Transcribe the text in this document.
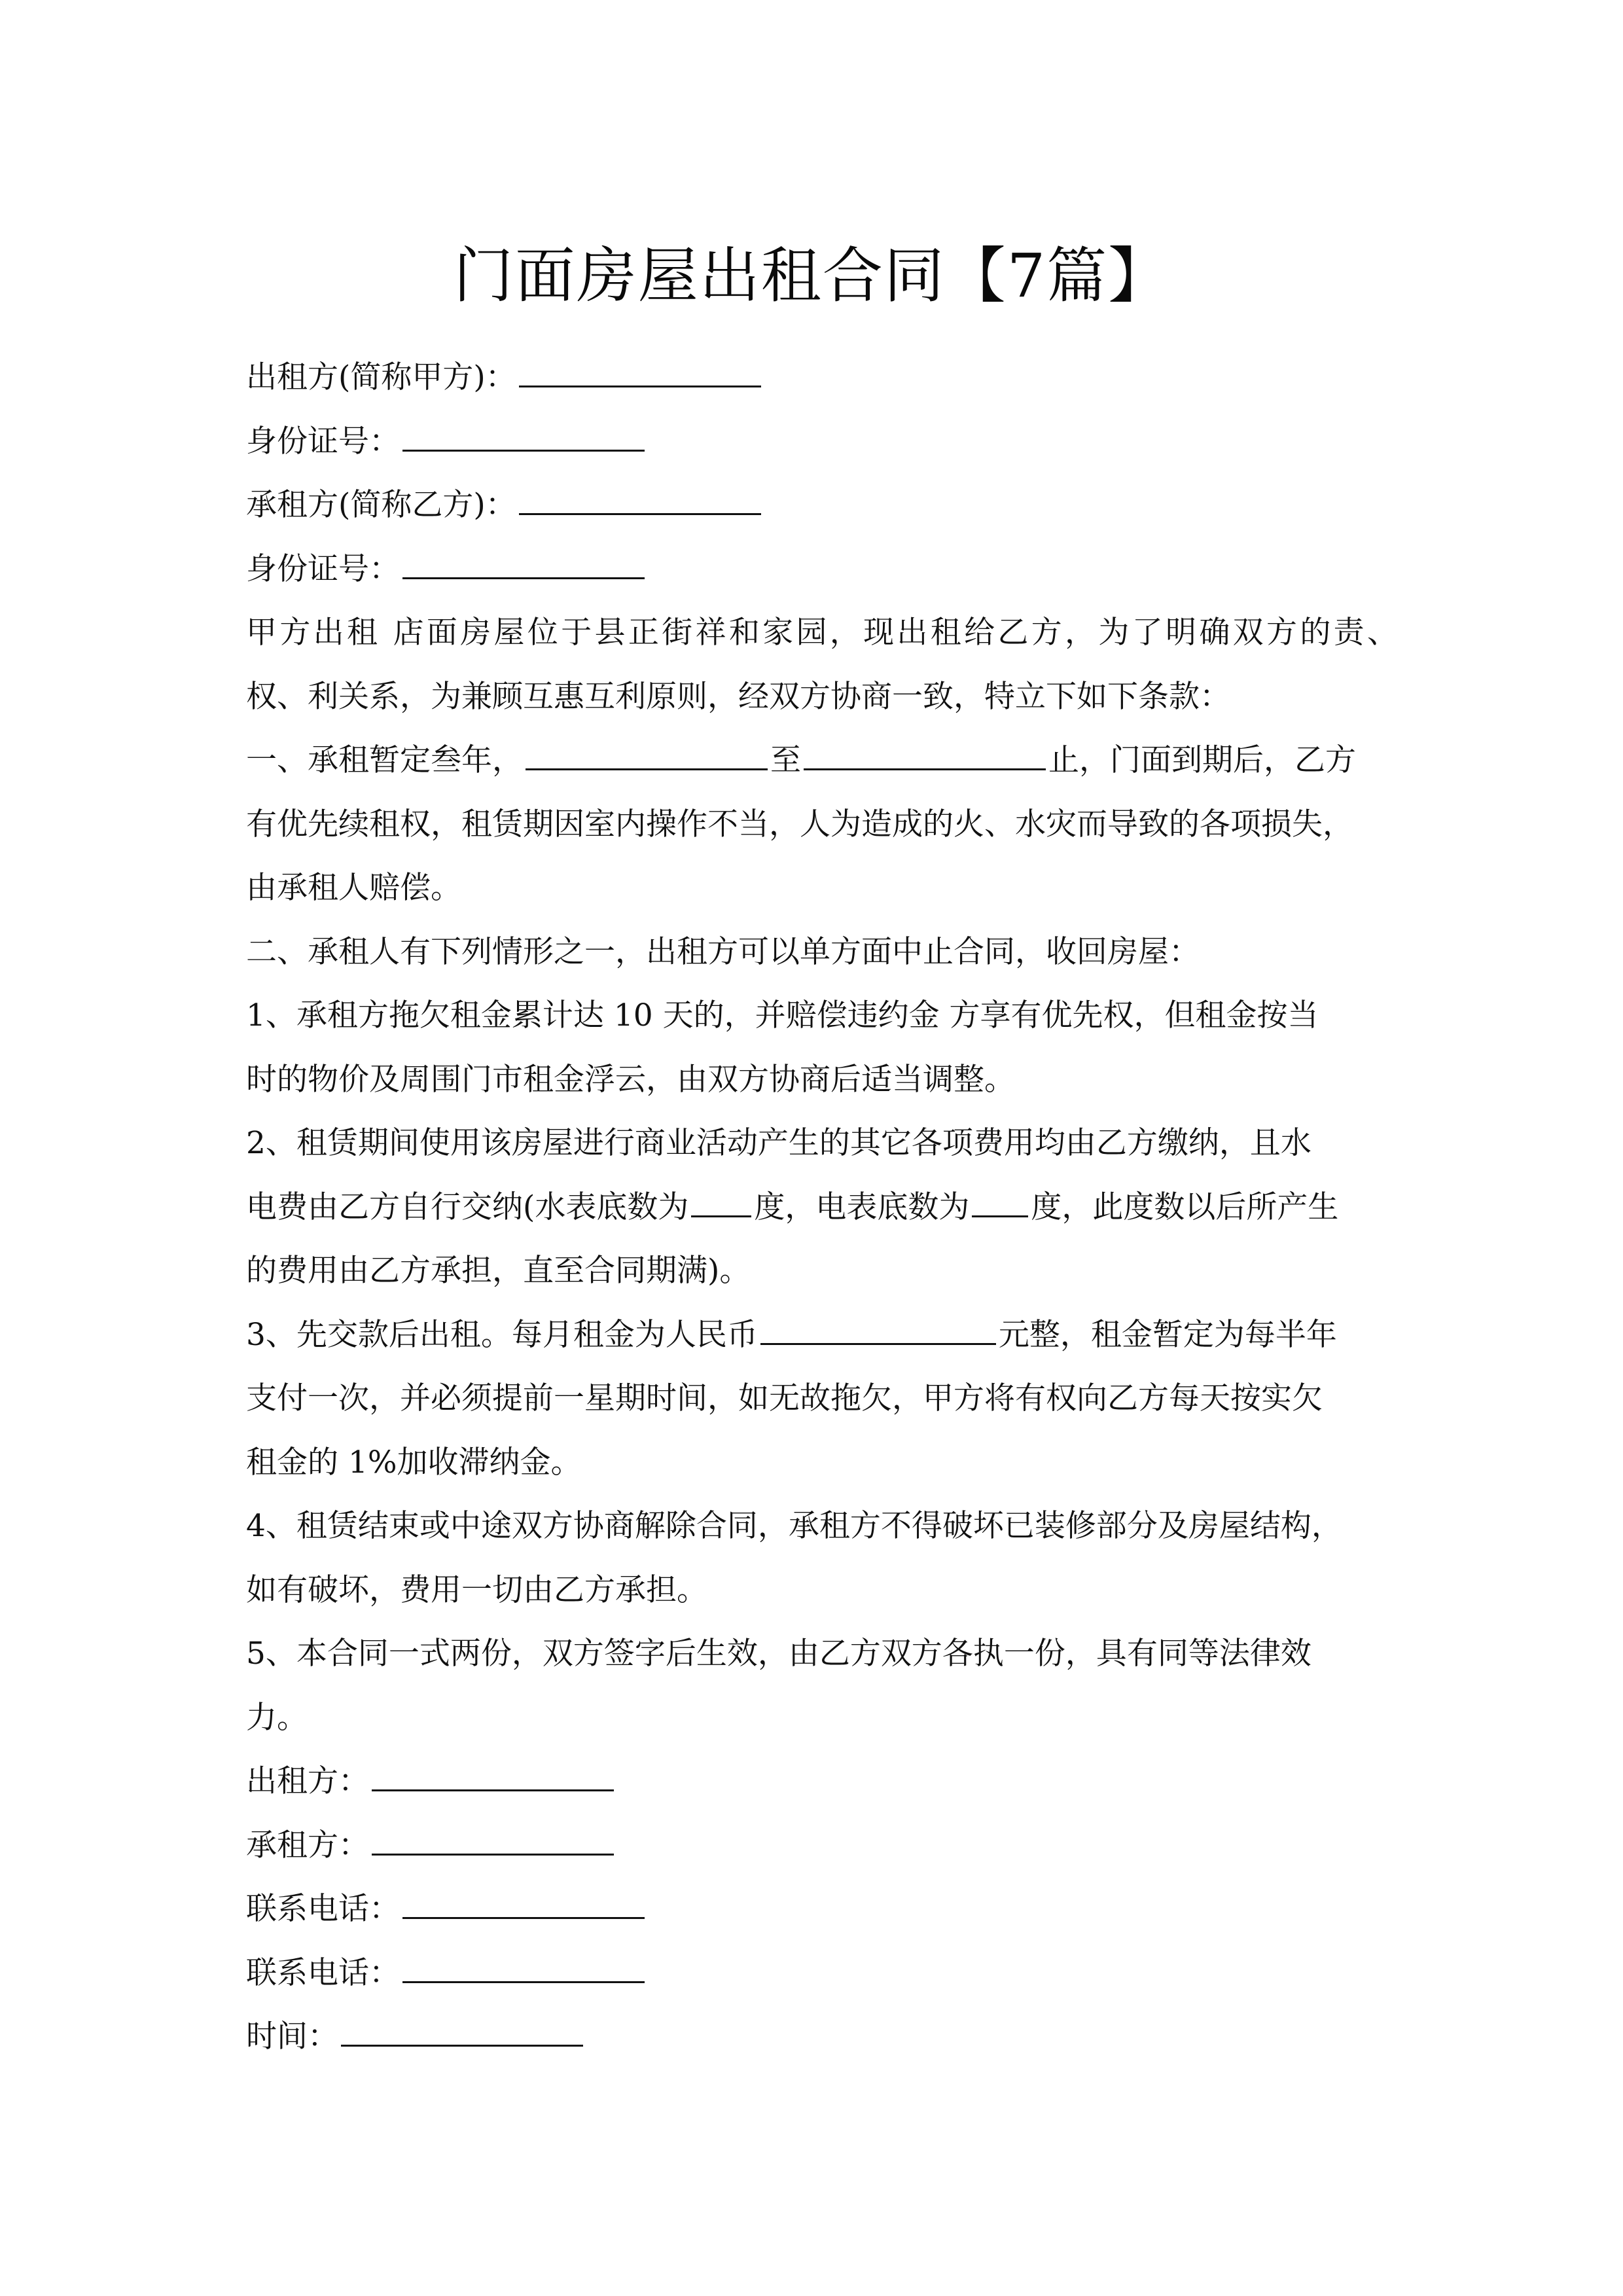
门面房屋出租合同【7篇】
出租方(简称甲方)：
身份证号：
承租方(简称乙方)：
身份证号：
甲方出租 店面房屋位于县正街祥和家园，现出租给乙方，为了明确双方的责、
权、利关系，为兼顾互惠互利原则，经双方协商一致，特立下如下条款：
一、承租暂定叁年，	至	止，门面到期后，乙方
有优先续租权，租赁期因室内操作不当，人为造成的火、水灾而导致的各项损失，
由承租人赔偿。
二、承租人有下列情形之一，出租方可以单方面中止合同，收回房屋：
1、承租方拖欠租金累计达 10 天的，并赔偿违约金 方享有优先权，但租金按当
时的物价及周围门市租金浮云，由双方协商后适当调整。
2、租赁期间使用该房屋进行商业活动产生的其它各项费用均由乙方缴纳，且水
电费由乙方自行交纳(水表底数为 度，电表底数为 度，此度数以后所产生
的费用由乙方承担，直至合同期满)。
3、先交款后出租。每月租金为人民币	元整，租金暂定为每半年
支付一次，并必须提前一星期时间，如无故拖欠，甲方将有权向乙方每天按实欠
租金的 1%加收滞纳金。
4、租赁结束或中途双方协商解除合同，承租方不得破坏已装修部分及房屋结构，
如有破坏，费用一切由乙方承担。
5、本合同一式两份，双方签字后生效，由乙方双方各执一份，具有同等法律效
力。
出租方：
承租方：
联系电话：
联系电话：
时间：
